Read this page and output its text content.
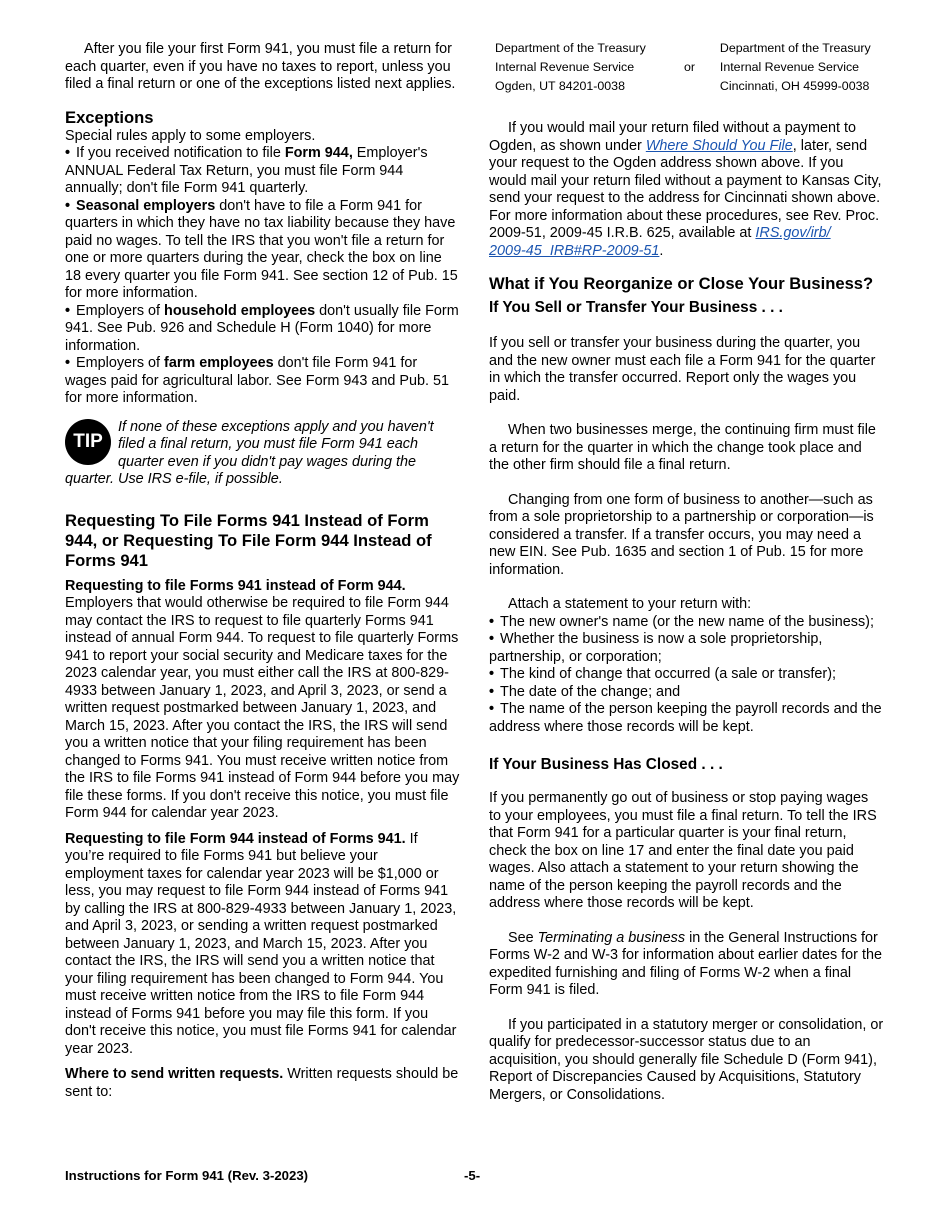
After you file your first Form 941, you must file a return for each quarter, even if you have no taxes to report, unless you filed a final return or one of the exceptions listed next applies.

Exceptions

Special rules apply to some employers.

• If you received notification to file Form 944, Employer's ANNUAL Federal Tax Return, you must file Form 944 annually; don't file Form 941 quarterly.

• Seasonal employers don't have to file a Form 941 for quarters in which they have no tax liability because they have paid no wages. To tell the IRS that you won't file a return for one or more quarters during the year, check the box on line 18 every quarter you file Form 941. See section 12 of Pub. 15 for more information.

• Employers of household employees don't usually file Form 941. See Pub. 926 and Schedule H (Form 1040) for more information.

• Employers of farm employees don't file Form 941 for wages paid for agricultural labor. See Form 943 and Pub. 51 for more information.

TIP
If none of these exceptions apply and you haven't filed a final return, you must file Form 941 each quarter even if you didn't pay wages during the quarter. Use IRS e-file, if possible.
Requesting To File Forms 941 Instead of Form 944, or Requesting To File Form 944 Instead of Forms 941

Requesting to file Forms 941 instead of Form 944. Employers that would otherwise be required to file Form 944 may contact the IRS to request to file quarterly Forms 941 instead of annual Form 944. To request to file quarterly Forms 941 to report your social security and Medicare taxes for the 2023 calendar year, you must either call the IRS at 800-829-4933 between January 1, 2023, and April 3, 2023, or send a written request postmarked between January 1, 2023, and March 15, 2023. After you contact the IRS, the IRS will send you a written notice that your filing requirement has been changed to Forms 941. You must receive written notice from the IRS to file Forms 941 instead of Form 944 before you may file these forms. If you don't receive this notice, you must file Form 944 for calendar year 2023.

Requesting to file Form 944 instead of Forms 941. If you’re required to file Forms 941 but believe your employment taxes for calendar year 2023 will be $1,000 or less, you may request to file Form 944 instead of Forms 941 by calling the IRS at 800-829-4933 between January 1, 2023, and April 3, 2023, or sending a written request postmarked between January 1, 2023, and March 15, 2023. After you contact the IRS, the IRS will send you a written notice that your filing requirement has been changed to Form 944. You must receive written notice from the IRS to file Form 944 instead of Forms 941 before you may file this form. If you don't receive this notice, you must file Forms 941 for calendar year 2023.

Where to send written requests. Written requests should be sent to:

Department of the Treasury
Internal Revenue Service
Ogden, UT 84201-0038
or
Department of the Treasury
Internal Revenue Service
Cincinnati, OH 45999-0038

If you would mail your return filed without a payment to Ogden, as shown under Where Should You File, later, send your request to the Ogden address shown above. If you would mail your return filed without a payment to Kansas City, send your request to the address for Cincinnati shown above. For more information about these procedures, see Rev. Proc. 2009-51, 2009-45 I.R.B. 625, available at IRS.gov/irb/
2009-45_IRB#RP-2009-51.

What if You Reorganize or Close Your Business?
If You Sell or Transfer Your Business . . .

If you sell or transfer your business during the quarter, you and the new owner must each file a Form 941 for the quarter in which the transfer occurred. Report only the wages you paid.

When two businesses merge, the continuing firm must file a return for the quarter in which the change took place and the other firm should file a final return.

Changing from one form of business to another—such as from a sole proprietorship to a partnership or corporation—is considered a transfer. If a transfer occurs, you may need a new EIN. See Pub. 1635 and section 1 of Pub. 15 for more information.

Attach a statement to your return with:

• The new owner's name (or the new name of the business);

• Whether the business is now a sole proprietorship, partnership, or corporation;

• The kind of change that occurred (a sale or transfer);

• The date of the change; and

• The name of the person keeping the payroll records and the address where those records will be kept.

If Your Business Has Closed . . .

If you permanently go out of business or stop paying wages to your employees, you must file a final return. To tell the IRS that Form 941 for a particular quarter is your final return, check the box on line 17 and enter the final date you paid wages. Also attach a statement to your return showing the name of the person keeping the payroll records and the address where those records will be kept.

See Terminating a business in the General Instructions for Forms W-2 and W-3 for information about earlier dates for the expedited furnishing and filing of Forms W-2 when a final Form 941 is filed.

If you participated in a statutory merger or consolidation, or qualify for predecessor-successor status due to an acquisition, you should generally file Schedule D (Form 941), Report of Discrepancies Caused by Acquisitions, Statutory Mergers, or Consolidations.

Instructions for Form 941 (Rev. 3-2023)	-5-
